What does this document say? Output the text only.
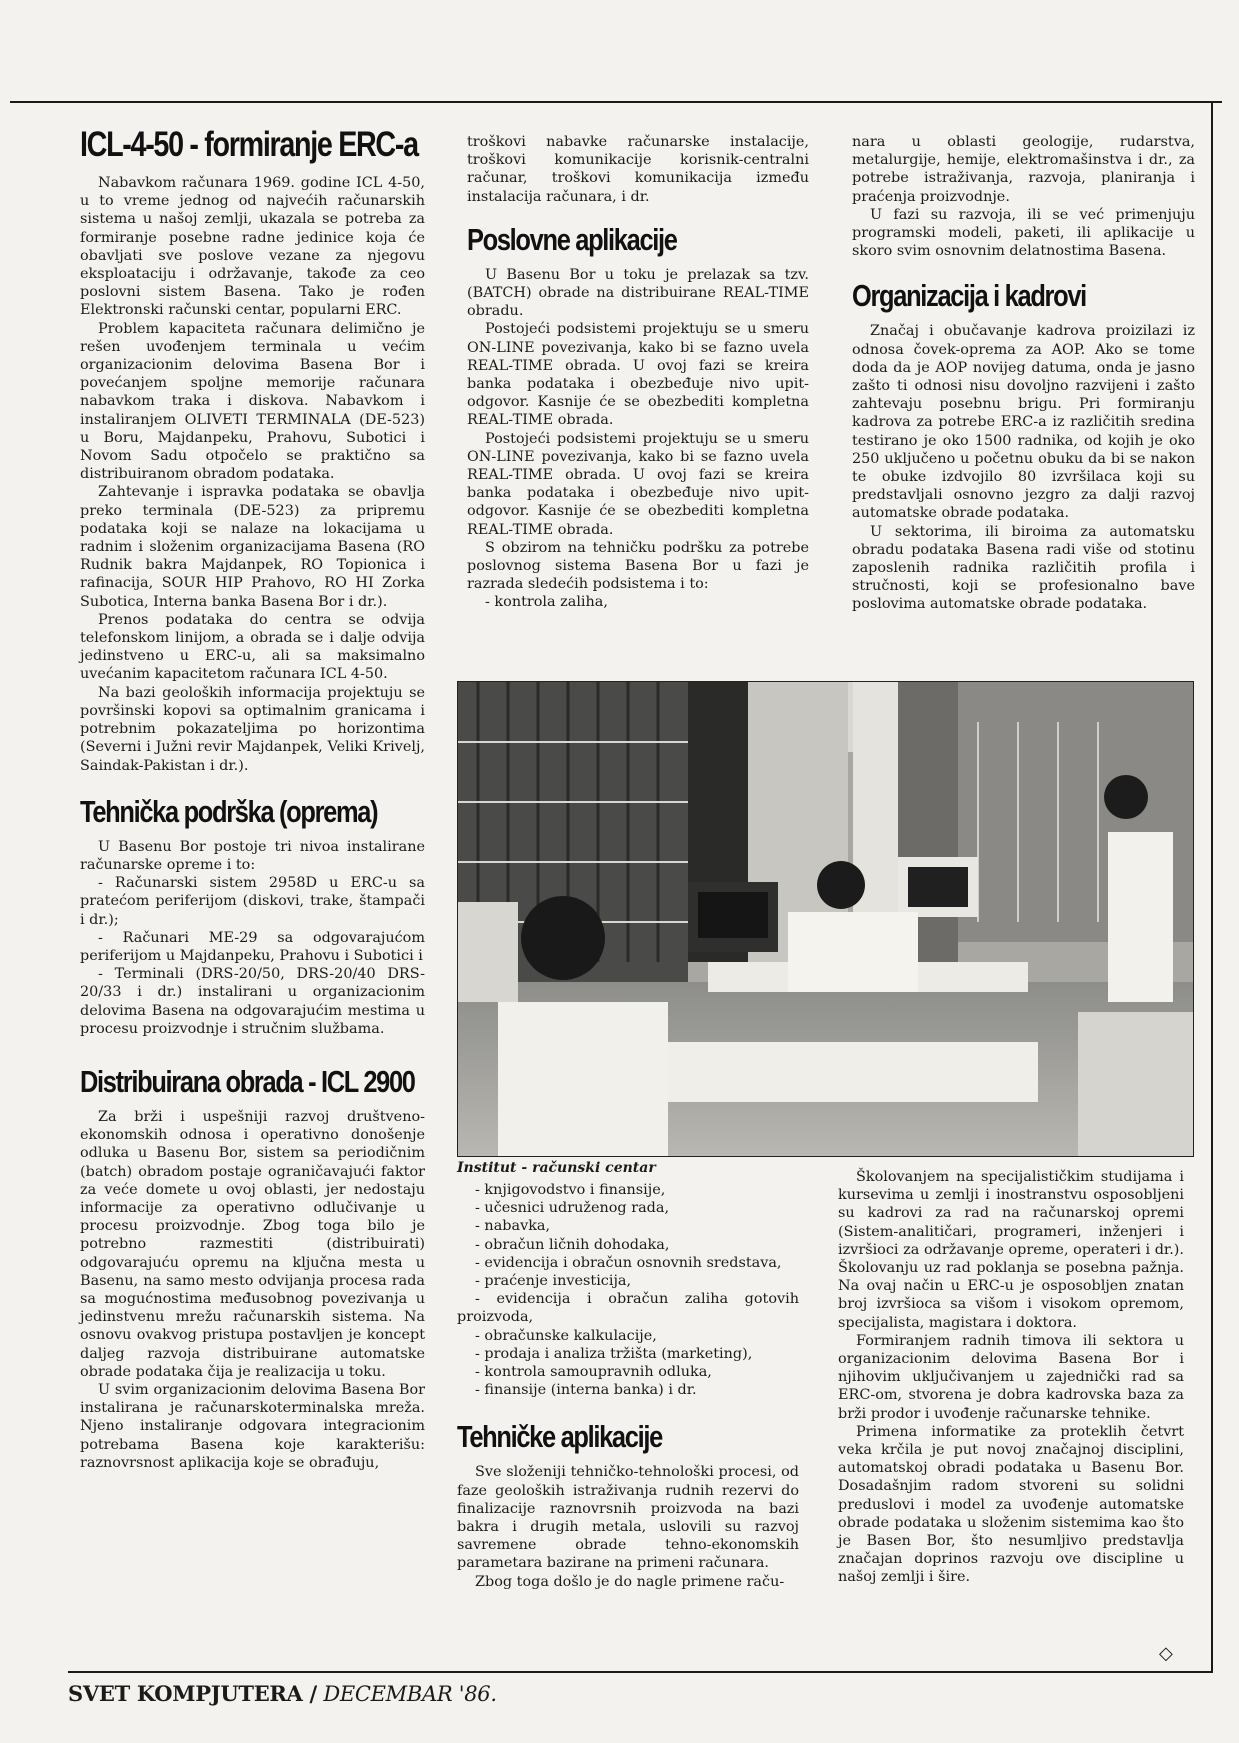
ICL-4-50 - formiranje ERC-a

Nabavkom računara 1969. godine ICL 4-50, u to vreme jednog od najvećih računarskih sistema u našoj zemlji, ukazala se potreba za formiranje posebne radne jedinice koja će obavljati sve poslove vezane za njegovu eksploataciju i održavanje, takođe za ceo poslovni sistem Basena. Tako je rođen Elektronski računski centar, popularni ERC.

Problem kapaciteta računara delimično je rešen uvođenjem terminala u većim organizacionim delovima Basena Bor i povećanjem spoljne memorije računara nabavkom traka i diskova. Nabavkom i instaliranjem OLIVETI TERMINALA (DE-523) u Boru, Majdanpeku, Prahovu, Subotici i Novom Sadu otpočelo se praktično sa distribuiranom obradom podataka.

Zahtevanje i ispravka podataka se obavlja preko terminala (DE-523) za pripremu podataka koji se nalaze na lokacijama u radnim i složenim organizacijama Basena (RO Rudnik bakra Majdanpek, RO Topionica i rafinacija, SOUR HIP Prahovo, RO HI Zorka Subotica, Interna banka Basena Bor i dr.).

Prenos podataka do centra se odvija telefonskom linijom, a obrada se i dalje odvija jedinstveno u ERC-u, ali sa maksimalno uvećanim kapacitetom računara ICL 4-50.

Na bazi geoloških informacija projektuju se površinski kopovi sa optimalnim granicama i potrebnim pokazateljima po horizontima (Severni i Južni revir Majdanpek, Veliki Krivelj, Saindak-Pakistan i dr.).

Tehnička podrška (oprema)

U Basenu Bor postoje tri nivoa instalirane računarske opreme i to:

- Računarski sistem 2958D u ERC-u sa pratećom periferijom (diskovi, trake, štampači i dr.);

- Računari ME-29 sa odgovarajućom periferijom u Majdanpeku, Prahovu i Subotici i

- Terminali (DRS-20/50, DRS-20/40 DRS-20/33 i dr.) instalirani u organizacionim delovima Basena na odgovarajućim mestima u procesu proizvodnje i stručnim službama.

Distribuirana obrada - ICL 2900

Za brži i uspešniji razvoj društveno-ekonomskih odnosa i operativno donošenje odluka u Basenu Bor, sistem sa periodičnim (batch) obradom postaje ograničavajući faktor za veće domete u ovoj oblasti, jer nedostaju informacije za operativno odlučivanje u procesu proizvodnje. Zbog toga bilo je potrebno razmestiti (distribuirati) odgovarajuću opremu na ključna mesta u Basenu, na samo mesto odvijanja procesa rada sa mogućnostima međusobnog povezivanja u jedinstvenu mrežu računarskih sistema. Na osnovu ovakvog pristupa postavljen je koncept daljeg razvoja distribuirane automatske obrade podataka čija je realizacija u toku.

U svim organizacionim delovima Basena Bor instalirana je računarskoterminalska mreža. Njeno instaliranje odgovara integracionim potrebama Basena koje karakterišu: raznovrsnost aplikacija koje se obrađuju,

troškovi nabavke računarske instalacije, troškovi komunikacije korisnik-centralni računar, troškovi komunikacija između instalacija računara, i dr.

Poslovne aplikacije

U Basenu Bor u toku je prelazak sa tzv. (BATCH) obrade na distribuirane REAL-TIME obradu.

Postojeći podsistemi projektuju se u smeru ON-LINE povezivanja, kako bi se fazno uvela REAL-TIME obrada. U ovoj fazi se kreira banka podataka i obezbeđuje nivo upit-odgovor. Kasnije će se obezbediti kompletna REAL-TIME obrada.

Postojeći podsistemi projektuju se u smeru ON-LINE povezivanja, kako bi se fazno uvela REAL-TIME obrada. U ovoj fazi se kreira banka podataka i obezbeđuje nivo upit-odgovor. Kasnije će se obezbediti kompletna REAL-TIME obrada.

S obzirom na tehničku podršku za potrebe poslovnog sistema Basena Bor u fazi je razrada sledećih podsistema i to:

- kontrola zaliha,

nara u oblasti geologije, rudarstva, metalurgije, hemije, elektromašinstva i dr., za potrebe istraživanja, razvoja, planiranja i praćenja proizvodnje.

U fazi su razvoja, ili se već primenjuju programski modeli, paketi, ili aplikacije u skoro svim osnovnim delatnostima Basena.

Organizacija i kadrovi

Značaj i obučavanje kadrova proizilazi iz odnosa čovek-oprema za AOP. Ako se tome doda da je AOP novijeg datuma, onda je jasno zašto ti odnosi nisu dovoljno razvijeni i zašto zahtevaju posebnu brigu. Pri formiranju kadrova za potrebe ERC-a iz različitih sredina testirano je oko 1500 radnika, od kojih je oko 250 uključeno u početnu obuku da bi se nakon te obuke izdvojilo 80 izvršilaca koji su predstavljali osnovno jezgro za dalji razvoj automatske obrade podataka.

U sektorima, ili biroima za automatsku obradu podataka Basena radi više od stotinu zaposlenih radnika različitih profila i stručnosti, koji se profesionalno bave poslovima automatske obrade podataka.

Institut - računski centar

- knjigovodstvo i finansije,

- učesnici udruženog rada,

- nabavka,

- obračun ličnih dohodaka,

- evidencija i obračun osnovnih sredstava,

- praćenje investicija,

- evidencija i obračun zaliha gotovih proizvoda,

- obračunske kalkulacije,

- prodaja i analiza tržišta (marketing),

- kontrola samoupravnih odluka,

- finansije (interna banka) i dr.

Tehničke aplikacije

Sve složeniji tehničko-tehnološki procesi, od faze geoloških istraživanja rudnih rezervi do finalizacije raznovrsnih proizvoda na bazi bakra i drugih metala, uslovili su razvoj savremene obrade tehno-ekonomskih parametara bazirane na primeni računara.

Zbog toga došlo je do nagle primene raču-

Školovanjem na specijalističkim studijama i kursevima u zemlji i inostranstvu osposobljeni su kadrovi za rad na računarskoj opremi (Sistem-analitičari, programeri, inženjeri i izvršioci za održavanje opreme, operateri i dr.). Školovanju uz rad poklanja se posebna pažnja. Na ovaj način u ERC-u je osposobljen znatan broj izvršioca sa višom i visokom opremom, specijalista, magistara i doktora.

Formiranjem radnih timova ili sektora u organizacionim delovima Basena Bor i njihovim uključivanjem u zajednički rad sa ERC-om, stvorena je dobra kadrovska baza za brži prodor i uvođenje računarske tehnike.

Primena informatike za proteklih četvrt veka krčila je put novoj značajnoj disciplini, automatskoj obradi podataka u Basenu Bor. Dosadašnjim radom stvoreni su solidni preduslovi i model za uvođenje automatske obrade podataka u složenim sistemima kao što je Basen Bor, što nesumljivo predstavlja značajan doprinos razvoju ove discipline u našoj zemlji i šire.

◇
SVET KOMPJUTERA / DECEMBAR '86.
